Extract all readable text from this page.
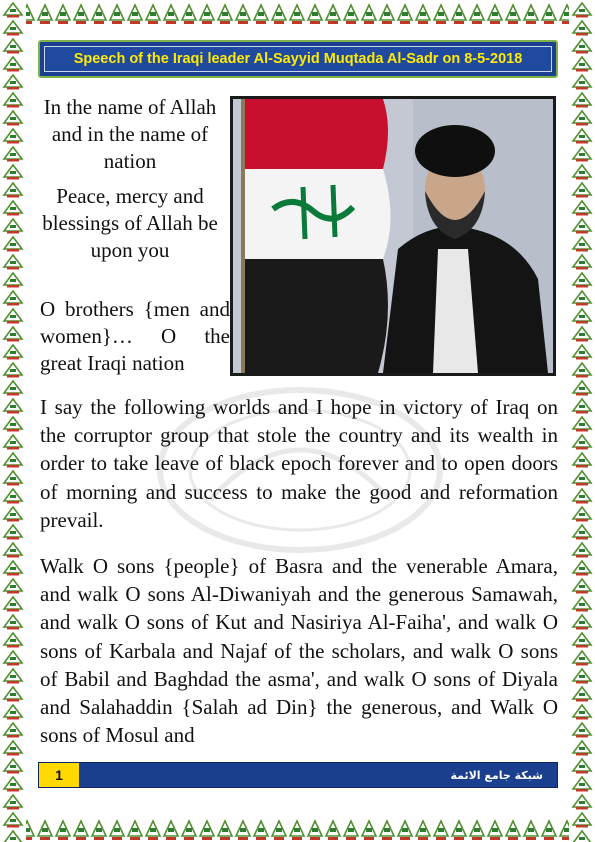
Speech of the Iraqi leader Al-Sayyid Muqtada Al-Sadr on 8-5-2018

In the name of Allah and in the name of nation

Peace, mercy and blessings of Allah be upon you

O brothers {men and women}… O the great Iraqi nation

I say the following worlds and I hope in victory of Iraq on the corruptor group that stole the country and its wealth in order to take leave of black epoch forever and to open doors of morning and success to make the good and reformation prevail.

Walk O sons {people} of Basra and the venerable Amara, and walk O sons Al-Diwaniyah and the generous Samawah, and walk O sons of Kut and Nasiriya Al-Faiha', and walk O sons of Karbala and Najaf of the scholars, and walk O sons of Babil and Baghdad the asma', and walk O sons of Diyala and Salahaddin {Salah ad Din} the generous, and Walk O sons of Mosul and

1	شبكة جامع الائمة
